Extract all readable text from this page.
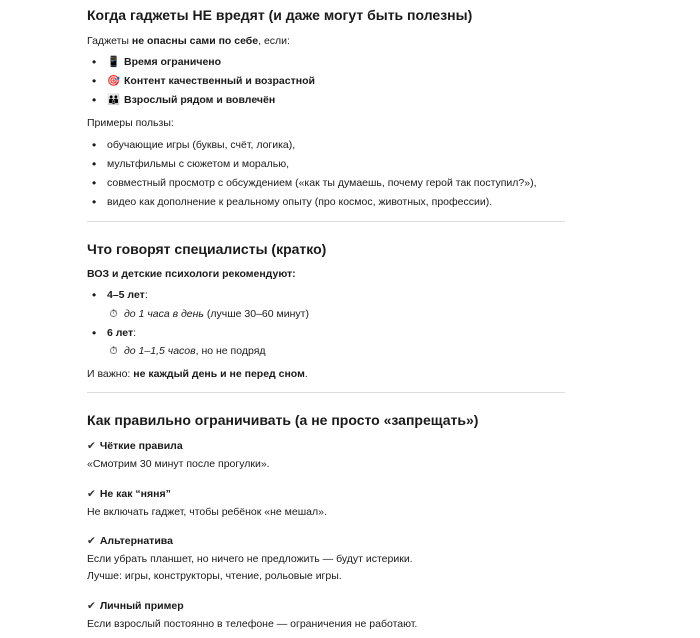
Когда гаджеты НЕ вредят (и даже могут быть полезны)

Гаджеты не опасны сами по себе, если:

• 📱 Время ограничено
• 🎯 Контент качественный и возрастной
• 👪 Взрослый рядом и вовлечён

Примеры пользы:

• обучающие игры (буквы, счёт, логика),
• мультфильмы с сюжетом и моралью,
• совместный просмотр с обсуждением («как ты думаешь, почему герой так поступил?»),
• видео как дополнение к реальному опыту (про космос, животных, профессии).
Что говорят специалисты (кратко)

ВОЗ и детские психологи рекомендуют:

• 4–5 лет:
⏱ до 1 часа в день (лучше 30–60 минут)
• 6 лет:
⏱ до 1–1,5 часов, но не подряд

И важно: не каждый день и не перед сном.

Как правильно ограничивать (а не просто «запрещать»)
✔ Чёткие правила

«Смотрим 30 минут после прогулки».

✔ Не как “няня”

Не включать гаджет, чтобы ребёнок «не мешал».

✔ Альтернатива

Если убрать планшет, но ничего не предложить — будут истерики.

Лучше: игры, конструкторы, чтение, рольовые игры.

✔ Личный пример

Если взрослый постоянно в телефоне — ограничения не работают.
